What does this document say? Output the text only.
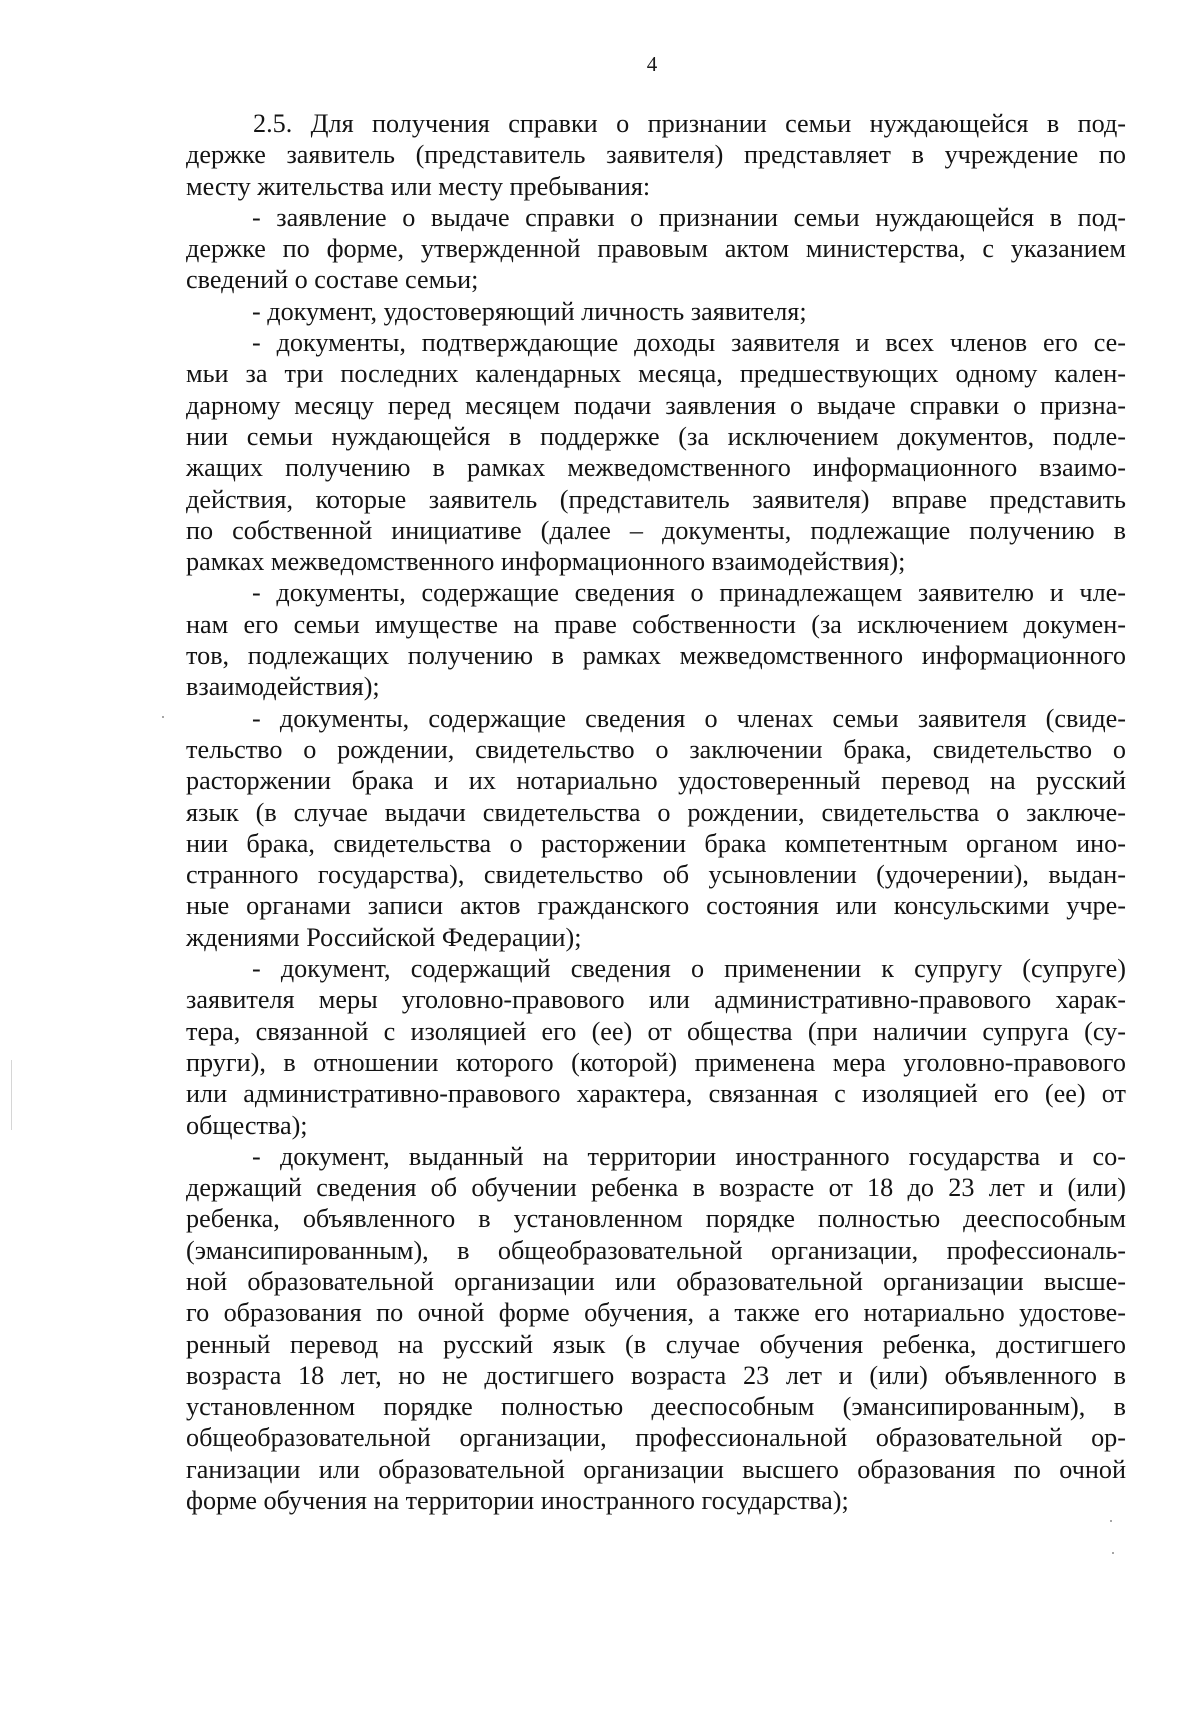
4
2.5. Для получения справки о признании семьи нуждающейся в под-
держке заявитель (представитель заявителя) представляет в учреждение по
месту жительства или месту пребывания:
- заявление о выдаче справки о признании семьи нуждающейся в под-
держке по форме, утвержденной правовым актом министерства, с указанием
сведений о составе семьи;
- документ, удостоверяющий личность заявителя;
- документы, подтверждающие доходы заявителя и всех членов его се-
мьи за три последних календарных месяца, предшествующих одному кален-
дарному месяцу перед месяцем подачи заявления о выдаче справки о призна-
нии семьи нуждающейся в поддержке (за исключением документов, подле-
жащих получению в рамках межведомственного информационного взаимо-
действия, которые заявитель (представитель заявителя) вправе представить
по собственной инициативе (далее – документы, подлежащие получению в
рамках межведомственного информационного взаимодействия);
- документы, содержащие сведения о принадлежащем заявителю и чле-
нам его семьи имуществе на праве собственности (за исключением докумен-
тов, подлежащих получению в рамках межведомственного информационного
взаимодействия);
- документы, содержащие сведения о членах семьи заявителя (свиде-
тельство о рождении, свидетельство о заключении брака, свидетельство о
расторжении брака и их нотариально удостоверенный перевод на русский
язык (в случае выдачи свидетельства о рождении, свидетельства о заключе-
нии брака, свидетельства о расторжении брака компетентным органом ино-
странного государства), свидетельство об усыновлении (удочерении), выдан-
ные органами записи актов гражданского состояния или консульскими учре-
ждениями Российской Федерации);
- документ, содержащий сведения о применении к супругу (супруге)
заявителя меры уголовно-правового или административно-правового харак-
тера, связанной с изоляцией его (ее) от общества (при наличии супруга (су-
пруги), в отношении которого (которой) применена мера уголовно-правового
или административно-правового характера, связанная с изоляцией его (ее) от
общества);
- документ, выданный на территории иностранного государства и со-
держащий сведения об обучении ребенка в возрасте от 18 до 23 лет и (или)
ребенка, объявленного в установленном порядке полностью дееспособным
(эмансипированным), в общеобразовательной организации, профессиональ-
ной образовательной организации или образовательной организации высше-
го образования по очной форме обучения, а также его нотариально удостове-
ренный перевод на русский язык (в случае обучения ребенка, достигшего
возраста 18 лет, но не достигшего возраста 23 лет и (или) объявленного в
установленном порядке полностью дееспособным (эмансипированным), в
общеобразовательной организации, профессиональной образовательной ор-
ганизации или образовательной организации высшего образования по очной
форме обучения на территории иностранного государства);
